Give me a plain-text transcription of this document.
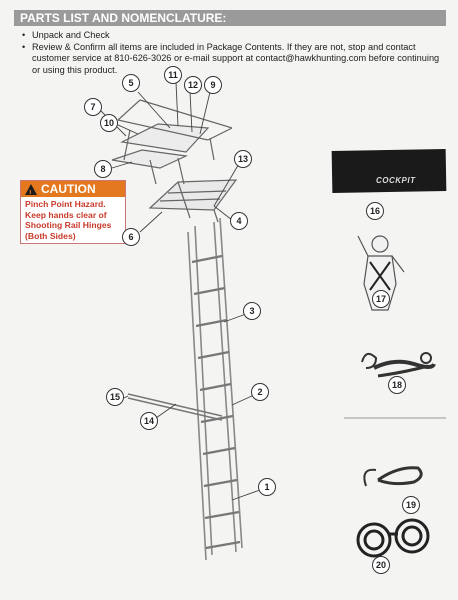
PARTS LIST AND NOMENCLATURE:
• Unpack and Check
• Review & Confirm all items are included in Package Contents. If they are not, stop and contact customer service at 810-626-3026 or e-mail support at contact@hawkhunting.com before continuing or using this product.
COCKPIT
! CAUTION
Pinch Point Hazard. Keep hands clear of Shooting Rail Hinges (Both Sides)
1
2
3
4
5
6
7
8
9
10
11
12
13
14
15
16
17
18
19
20
